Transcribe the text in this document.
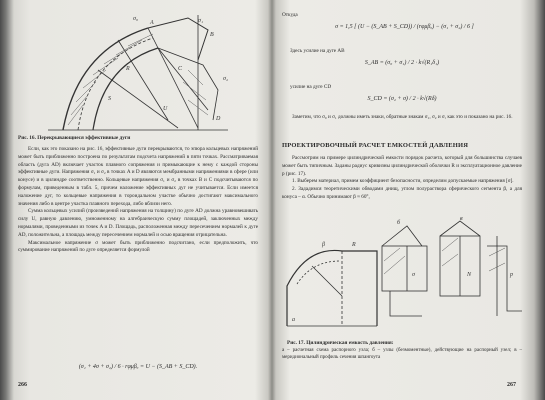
A
B
D
C
σ₀	σ₁
σ₂
R
S
U
Рис. 16. Перекрывающиеся эффективные дуги

Если, как это показано на рис. 16, эффективные дуги перекрываются, то эпюра кольцевых напряжений может быть приближенно построена по результатам подсчета напряжений в пяти точках. Рассматриваемая область (дуга AD) включает участок плавного сопряжения и примыкающие к нему с каждой стороны эффективные дуги. Напряжения σ₁ и σ₂ в точках A и D являются мембранными напряжениями в сфере (или конусе) и в цилиндре соответственно. Кольцевые напряжения σ₁ и σ₂ в точках B и C подсчитываются по формулам, приведенным в табл. 5, причем наложение эффективных дуг не учитывается. Если имеется наложение дуг, то кольцевые напряжения в тороидальном участке обычно достигают максимального значения либо в центре участка плавного перехода, либо вблизи него.

Сумма кольцевых усилий (произведений напряжения на толщину) по дуге AD должна уравновешивать силу U, равную давлению, умноженному на алгебраическую сумму площадей, заключенных между нормалями, проведенными из точек A и D. Площадь, расположенная между пересечением нормалей к дуге AD, положительна, а площадь между пересечением нормалей и осью вращения отрицательна.

Максимальное напряжение σ может быть приближенно подсчитано, если предположить, что суммирование напряжений по дуге определяется формулой

(σ₁ + 4σ + σ₂) / 6 · rφμβₐ = U − (S_AB + S_CD).
266
Откуда
σ = 1,5 [ (U − (S_AB + S_CD)) / (rφμβₐ) − (σ₁ + σ₂) / 6 ]
Здесь усилие на дуге AB
S_AB = (σ₀ + σ₁) / 2 · k√(R₁δ₁)
усилие на дуге CD
S_CD = (σ₂ + σ) / 2 · k√(Rδ)
Заметим, что σ₀ и σ₁ должны иметь знаки, обратные знакам σ₁, σ₂ и σ, как это и показано на рис. 16.
ПРОЕКТИРОВОЧНЫЙ РАСЧЕТ ЕМКОСТЕЙ ДАВЛЕНИЯ

Рассмотрим на примере цилиндрической емкости порядок расчета, который для большинства случаев может быть типичным. Заданы радиус кривизны цилиндрической оболочки R и эксплуатационное давление p (рис. 17).

1. Выберем материал, примем коэффициент безопасности, определим допускаемые напряжения [σ].

2. Зададимся теоретическими обводами днищ, углом полураствора сферического сегмента β, а для конуса – α. Обычно принимают β ≈ 60°,

β	R
б
в
а
σ	N	p
Рис. 17. Цилиндрическая емкость давления:
а – расчетная схема распорного узла; б – узлы (безмоментные), действующие на распорный узел; в – меридиональный профиль сечения шпангоута
267
